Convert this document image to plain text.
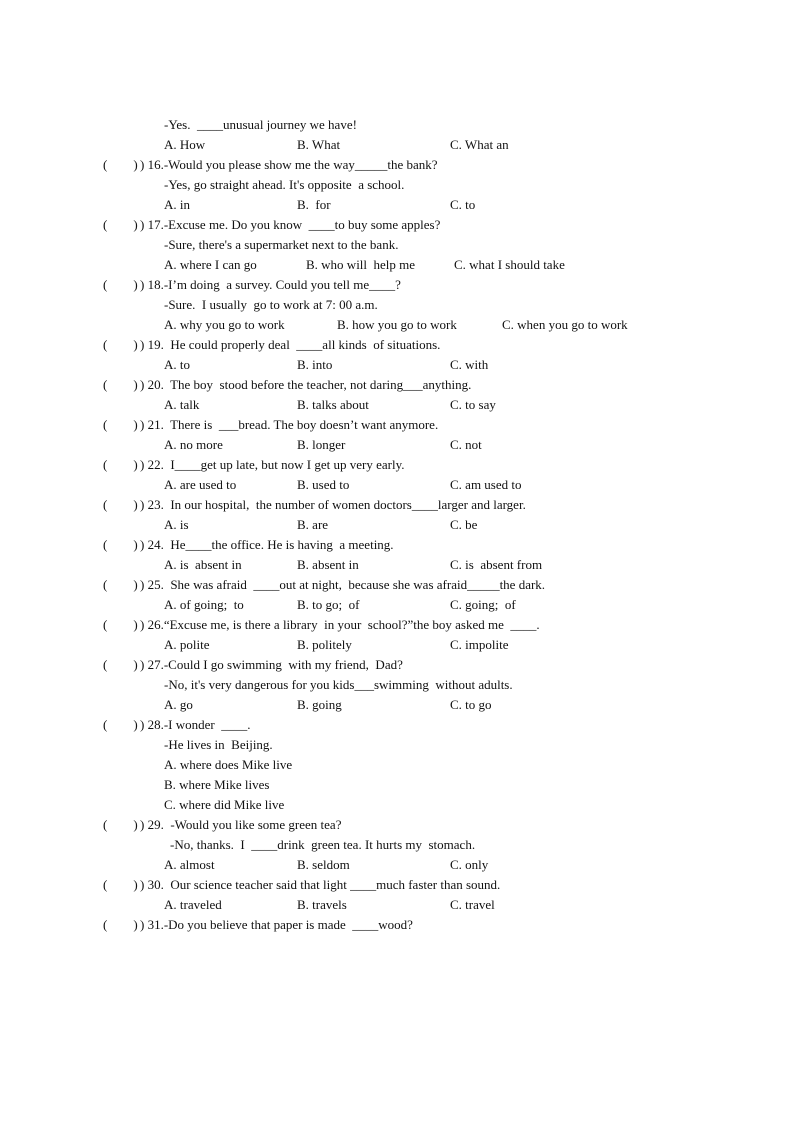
-Yes.  ____unusual journey we have!
A. How	B. What	C. What an
(        ) ) 16.-Would you please show me the way_____the bank?
-Yes, go straight ahead. It's opposite  a school.
A. in	B.  for	C. to
(        ) ) 17.-Excuse me. Do you know  ____to buy some apples?
-Sure, there's a supermarket next to the bank.
A. where I can go	B. who will  help me	C. what I should take
(        ) ) 18.-I’m doing  a survey. Could you tell me____?
-Sure.  I usually  go to work at 7: 00 a.m.
A. why you go to work	B. how you go to work	C. when you go to work
(        ) ) 19.  He could properly deal  ____all kinds  of situations.
A. to	B. into	C. with
(        ) ) 20.  The boy  stood before the teacher, not daring___anything.
A. talk	B. talks about	C. to say
(        ) ) 21.  There is  ___bread. The boy doesn’t want anymore.
A. no more	B. longer	C. not
(        ) ) 22.  I____get up late, but now I get up very early.
A. are used to	B. used to	C. am used to
(        ) ) 23.  In our hospital,  the number of women doctors____larger and larger.
A. is	B. are	C. be
(        ) ) 24.  He____the office. He is having  a meeting.
A. is  absent in	B. absent in	C. is  absent from
(        ) ) 25.  She was afraid  ____out at night,  because she was afraid_____the dark.
A. of going;  to	B. to go;  of	C. going;  of
(        ) ) 26.“Excuse me, is there a library  in your  school?”the boy asked me  ____.
A. polite	B. politely	C. impolite
(        ) ) 27.-Could I go swimming  with my friend,  Dad?
-No, it's very dangerous for you kids___swimming  without adults.
A. go	B. going	C. to go
(        ) ) 28.-I wonder  ____.
-He lives in  Beijing.
A. where does Mike live
B. where Mike lives
C. where did Mike live
(        ) ) 29.  -Would you like some green tea?
-No, thanks.  I  ____drink  green tea. It hurts my  stomach.
A. almost	B. seldom	C. only
(        ) ) 30.  Our science teacher said that light ____much faster than sound.
A. traveled	B. travels	C. travel
(        ) ) 31.-Do you believe that paper is made  ____wood?
